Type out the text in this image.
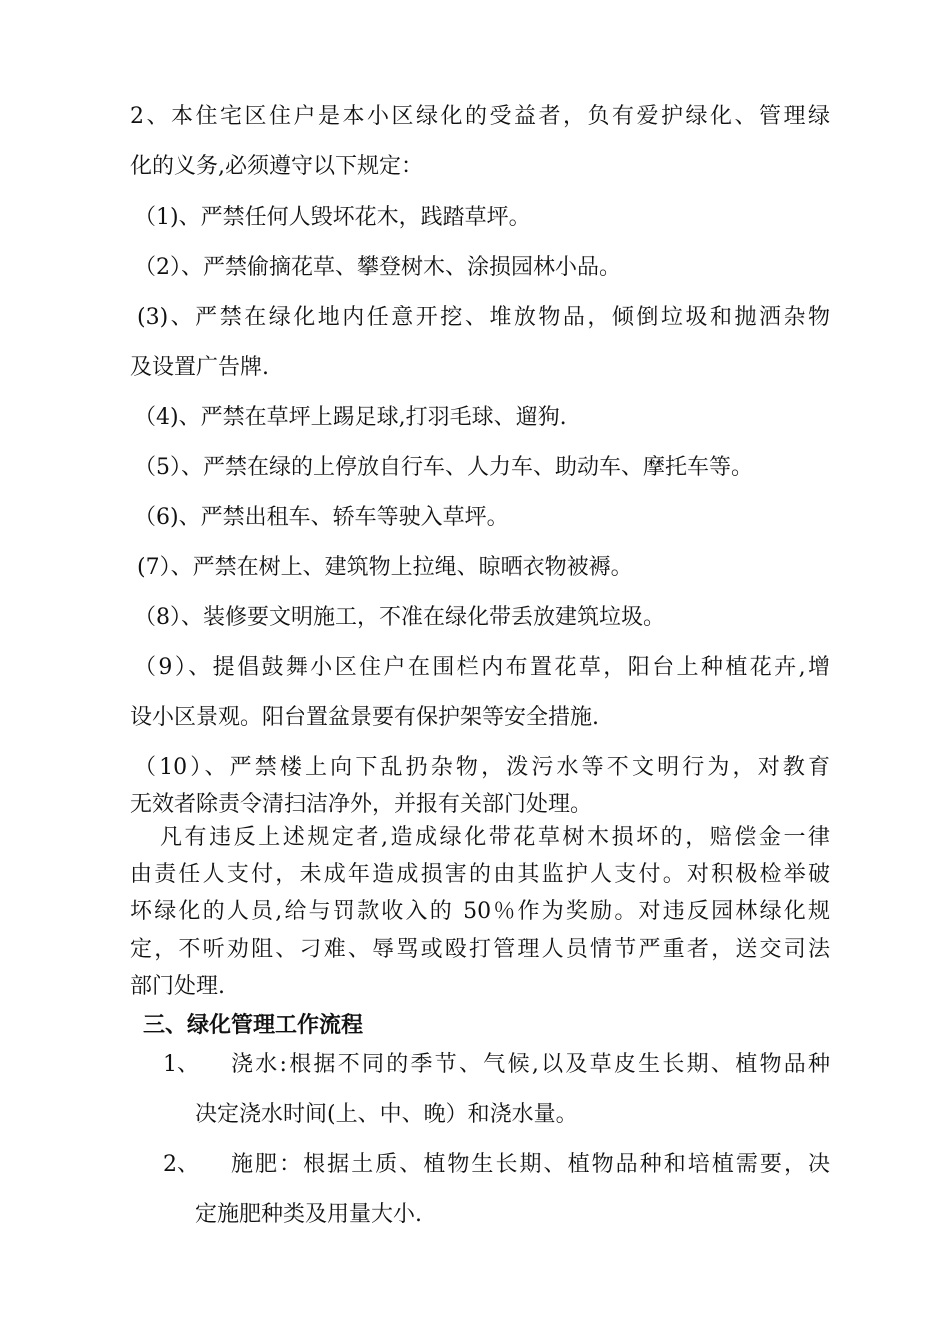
2、本住宅区住户是本小区绿化的受益者，负有爱护绿化、管理绿
化的义务,必须遵守以下规定：
（1)、严禁任何人毁坏花木，践踏草坪。
（2）、严禁偷摘花草、攀登树木、涂损园林小品。
(3)、严禁在绿化地内任意开挖、堆放物品，倾倒垃圾和抛洒杂物
及设置广告牌.
（4)、严禁在草坪上踢足球,打羽毛球、遛狗.
（5）、严禁在绿的上停放自行车、人力车、助动车、摩托车等。
（6)、严禁出租车、轿车等驶入草坪。
(7）、严禁在树上、建筑物上拉绳、晾晒衣物被褥。
（8）、装修要文明施工，不准在绿化带丢放建筑垃圾。
（9）、提倡鼓舞小区住户在围栏内布置花草，阳台上种植花卉,增
设小区景观。阳台置盆景要有保护架等安全措施.
（10）、严禁楼上向下乱扔杂物，泼污水等不文明行为，对教育
无效者除责令清扫洁净外，并报有关部门处理。
凡有违反上述规定者,造成绿化带花草树木损坏的，赔偿金一律
由责任人支付，未成年造成损害的由其监护人支付。对积极检举破
坏绿化的人员,给与罚款收入的 50％作为奖励。对违反园林绿化规
定，不听劝阻、刁难、辱骂或殴打管理人员情节严重者，送交司法
部门处理.
三、绿化管理工作流程
1、 浇水:根据不同的季节、气候,以及草皮生长期、植物品种
决定浇水时间(上、中、晚）和浇水量。
2、 施肥：根据土质、植物生长期、植物品种和培植需要，决
定施肥种类及用量大小.
